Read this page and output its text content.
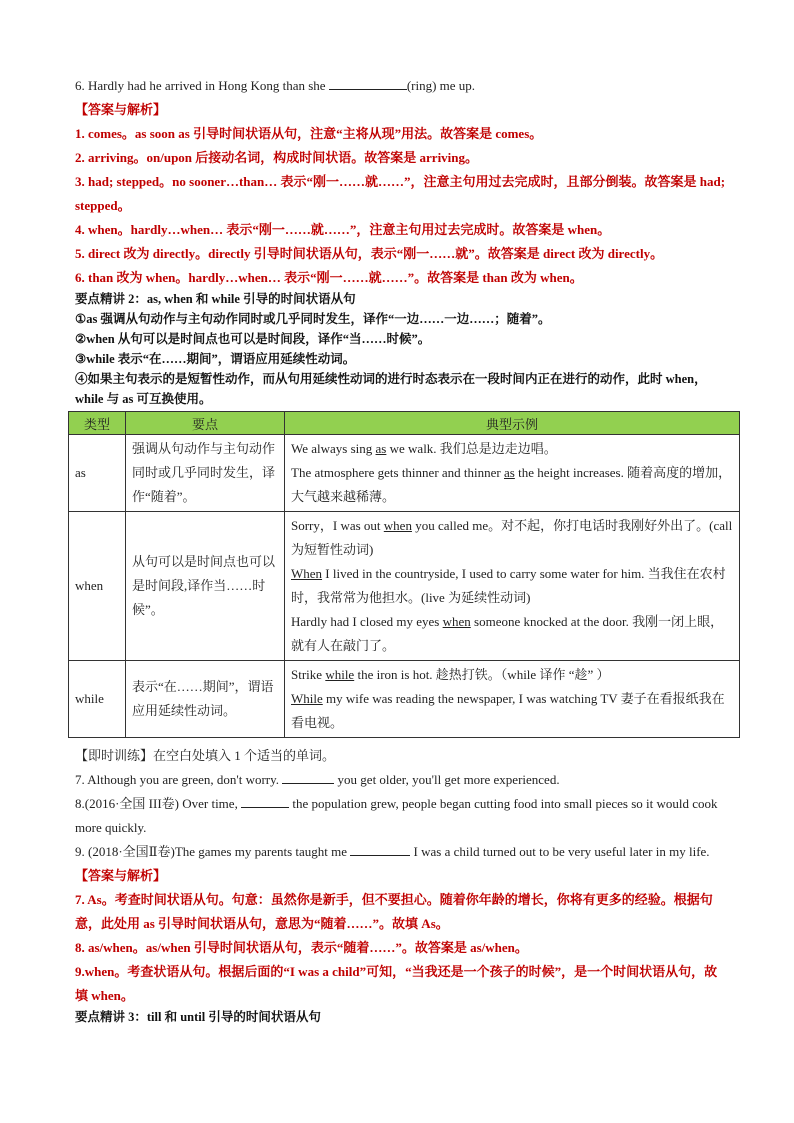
6. Hardly had he arrived in Hong Kong than she	(ring) me up.
【答案与解析】
1. comes。as soon as 引导时间状语从句，注意“主将从现”用法。故答案是 comes。
2. arriving。on/upon 后接动名词，构成时间状语。故答案是 arriving。
3. had; stepped。no sooner…than… 表示“刚一……就……”，注意主句用过去完成时，且部分倒装。故答案是 had; stepped。
4. when。hardly…when… 表示“刚一……就……”，注意主句用过去完成时。故答案是 when。
5. direct 改为 directly。directly 引导时间状语从句，表示“刚一……就”。故答案是 direct 改为 directly。
6. than 改为 when。hardly…when… 表示“刚一……就……”。故答案是 than 改为 when。
要点精讲 2：as, when 和 while 引导的时间状语从句
①as 强调从句动作与主句动作同时或几乎同时发生，译作“一边……一边……；随着”。
②when 从句可以是时间点也可以是时间段，译作“当……时候”。
③while 表示“在……期间”，谓语应用延续性动词。
④如果主句表示的是短暂性动作，而从句用延续性动词的进行时态表示在一段时间内正在进行的动作，此时 when，while 与 as 可互换使用。
类型	要点	典型示例
as	强调从句动作与主句动作同时或几乎同时发生，译作“随着”。	We always sing as we walk. 我们总是边走边唱。
The atmosphere gets thinner and thinner as the height increases. 随着高度的增加，大气越来越稀薄。

when	从句可以是时间点也可以是时间段,译作当……时候”。	Sorry，I was out when you called me。对不起，你打电话时我刚好外出了。(call 为短暂性动词)
When I lived in the countryside, I used to carry some water for him. 当我住在农村时，我常常为他担水。(live 为延续性动词)
Hardly had I closed my eyes when someone knocked at the door. 我刚一闭上眼，就有人在敲门了。

while	表示“在……期间”，谓语应用延续性动词。	Strike while the iron is hot. 趁热打铁。（while 译作 “趁” ）
While my wife was reading the newspaper, I was watching TV 妻子在看报纸我在看电视。
【即时训练】在空白处填入 1 个适当的单词。
7. Although you are green, don't worry.	you get older, you'll get more experienced.
8.(2016·全国 III卷) Over time,	the population grew, people began cutting food into small pieces so it would cook more quickly.
9. (2018·全国Ⅱ卷)The games my parents taught me	I was a child turned out to be very useful later in my life.
【答案与解析】
7. As。考查时间状语从句。句意：虽然你是新手，但不要担心。随着你年龄的增长，你将有更多的经验。根据句意，此处用 as 引导时间状语从句，意思为“随着……”。故填 As。
8. as/when。as/when 引导时间状语从句，表示“随着……”。故答案是 as/when。
9.when。考查状语从句。根据后面的“I was a child”可知，“当我还是一个孩子的时候”，是一个时间状语从句，故填 when。
要点精讲 3：till 和 until 引导的时间状语从句
